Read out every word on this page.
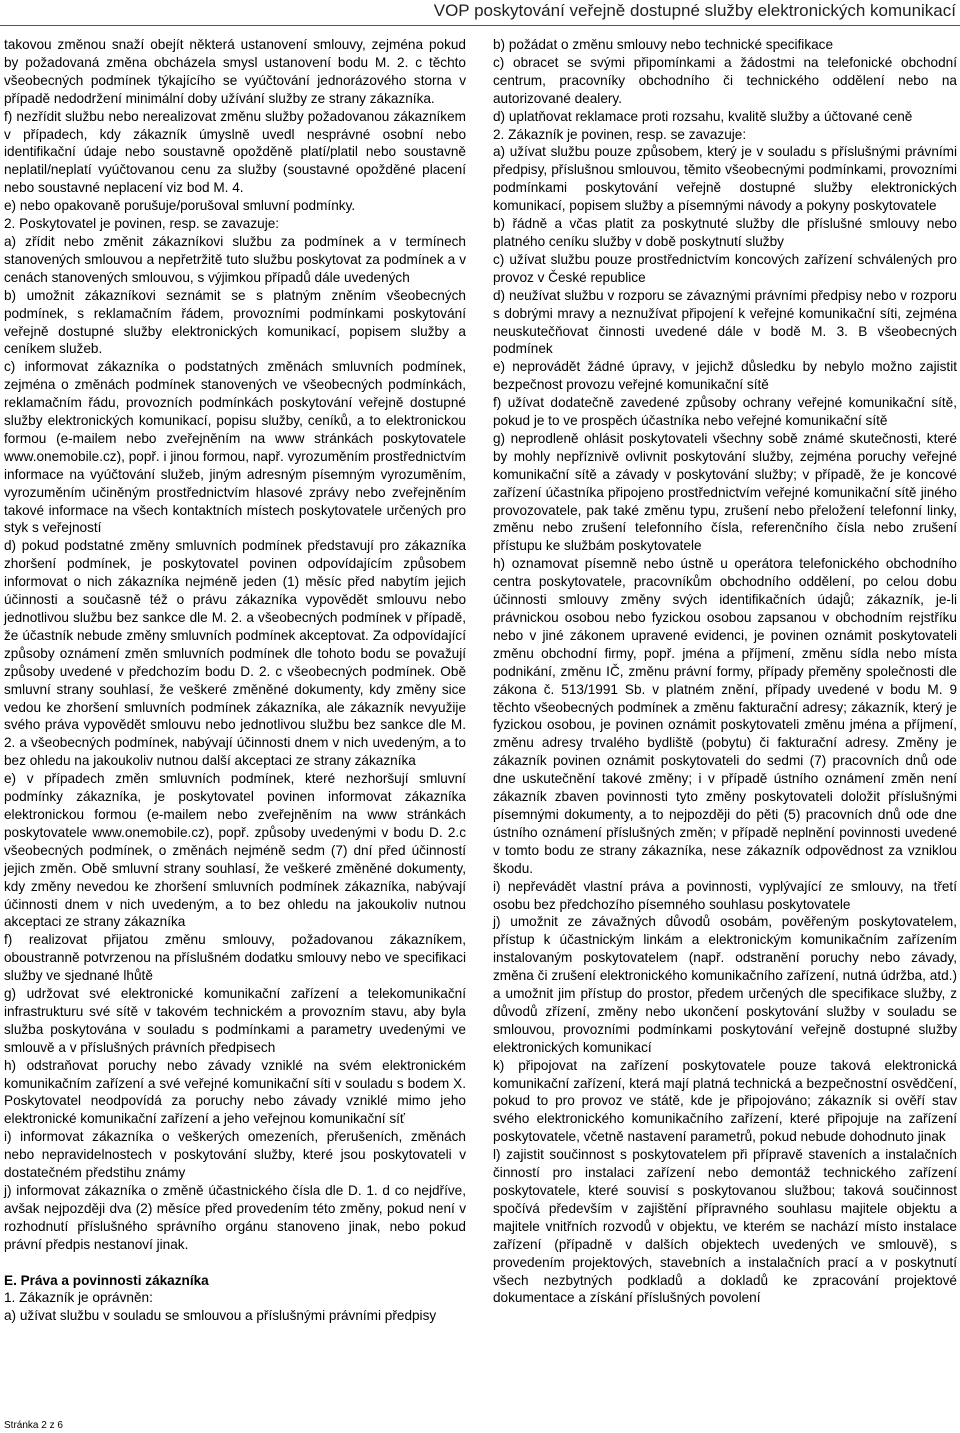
VOP poskytování veřejně dostupné služby elektronických komunikací

takovou změnou snaží obejít některá ustanovení smlouvy, zejména pokud by požadovaná změna obcházela smysl ustanovení bodu M. 2. c těchto všeobecných podmínek týkajícího se vyúčtování jednorázového storna v případě nedodržení minimální doby užívání služby ze strany zákazníka.

f) nezřídit službu nebo nerealizovat změnu služby požadovanou zákazníkem v případech, kdy zákazník úmyslně uvedl nesprávné osobní nebo identifikační údaje nebo soustavně opožděně platí/platil nebo soustavně neplatil/neplatí vyúčtovanou cenu za služby (soustavné opožděné placení nebo soustavné neplacení viz bod M. 4.

e) nebo opakovaně porušuje/porušoval smluvní podmínky.

2. Poskytovatel je povinen, resp. se zavazuje:

a) zřídit nebo změnit zákazníkovi službu za podmínek a v termínech stanovených smlouvou a nepřetržitě tuto službu poskytovat za podmínek a v cenách stanovených smlouvou, s výjimkou případů dále uvedených

b) umožnit zákazníkovi seznámit se s platným zněním všeobecných podmínek, s reklamačním řádem, provozními podmínkami poskytování veřejně dostupné služby elektronických komunikací, popisem služby a ceníkem služeb.

c) informovat zákazníka o podstatných změnách smluvních podmínek, zejména o změnách podmínek stanovených ve všeobecných podmínkách, reklamačním řádu, provozních podmínkách poskytování veřejně dostupné služby elektronických komunikací, popisu služby, ceníků, a to elektronickou formou (e-mailem nebo zveřejněním na www stránkách poskytovatele www.onemobile.cz), popř. i jinou formou, např. vyrozuměním prostřednictvím informace na vyúčtování služeb, jiným adresným písemným vyrozuměním, vyrozuměním učiněným prostřednictvím hlasové zprávy nebo zveřejněním takové informace na všech kontaktních místech poskytovatele určených pro styk s veřejností

d) pokud podstatné změny smluvních podmínek představují pro zákazníka zhoršení podmínek, je poskytovatel povinen odpovídajícím způsobem informovat o nich zákazníka nejméně jeden (1) měsíc před nabytím jejich účinnosti a současně též o právu zákazníka vypovědět smlouvu nebo jednotlivou službu bez sankce dle M. 2. a všeobecných podmínek v případě, že účastník nebude změny smluvních podmínek akceptovat. Za odpovídající způsoby oznámení změn smluvních podmínek dle tohoto bodu se považují způsoby uvedené v předchozím bodu D. 2. c všeobecných podmínek. Obě smluvní strany souhlasí, že veškeré změněné dokumenty, kdy změny sice vedou ke zhoršení smluvních podmínek zákazníka, ale zákazník nevyužije svého práva vypovědět smlouvu nebo jednotlivou službu bez sankce dle M. 2. a všeobecných podmínek, nabývají účinnosti dnem v nich uvedeným, a to bez ohledu na jakoukoliv nutnou další akceptaci ze strany zákazníka

e) v případech změn smluvních podmínek, které nezhoršují smluvní podmínky zákazníka, je poskytovatel povinen informovat zákazníka elektronickou formou (e-mailem nebo zveřejněním na www stránkách poskytovatele www.onemobile.cz), popř. způsoby uvedenými v bodu D. 2.c všeobecných podmínek, o změnách nejméně sedm (7) dní před účinností jejich změn. Obě smluvní strany souhlasí, že veškeré změněné dokumenty, kdy změny nevedou ke zhoršení smluvních podmínek zákazníka, nabývají účinnosti dnem v nich uvedeným, a to bez ohledu na jakoukoliv nutnou akceptaci ze strany zákazníka

f) realizovat přijatou změnu smlouvy, požadovanou zákazníkem, oboustranně potvrzenou na příslušném dodatku smlouvy nebo ve specifikaci služby ve sjednané lhůtě

g) udržovat své elektronické komunikační zařízení a telekomunikační infrastrukturu své sítě v takovém technickém a provozním stavu, aby byla služba poskytována v souladu s podmínkami a parametry uvedenými ve smlouvě a v příslušných právních předpisech

h) odstraňovat poruchy nebo závady vzniklé na svém elektronickém komunikačním zařízení a své veřejné komunikační síti v souladu s bodem X. Poskytovatel neodpovídá za poruchy nebo závady vzniklé mimo jeho elektronické komunikační zařízení a jeho veřejnou komunikační síť

i) informovat zákazníka o veškerých omezeních, přerušeních, změnách nebo nepravidelnostech v poskytování služby, které jsou poskytovateli v dostatečném předstihu známy

j) informovat zákazníka o změně účastnického čísla dle D. 1. d co nejdříve, avšak nejpozději dva (2) měsíce před provedením této změny, pokud není v rozhodnutí příslušného správního orgánu stanoveno jinak, nebo pokud právní předpis nestanoví jinak.

E. Práva a povinnosti zákazníka

1. Zákazník je oprávněn:

a) užívat službu v souladu se smlouvou a příslušnými právními předpisy

b) požádat o změnu smlouvy nebo technické specifikace

c) obracet se svými připomínkami a žádostmi na telefonické obchodní centrum, pracovníky obchodního či technického oddělení nebo na autorizované dealery.

d) uplatňovat reklamace proti rozsahu, kvalitě služby a účtované ceně

2. Zákazník je povinen, resp. se zavazuje:

a) užívat službu pouze způsobem, který je v souladu s příslušnými právními předpisy, příslušnou smlouvou, těmito všeobecnými podmínkami, provozními podmínkami poskytování veřejně dostupné služby elektronických komunikací, popisem služby a písemnými návody a pokyny poskytovatele

b) řádně a včas platit za poskytnuté služby dle příslušné smlouvy nebo platného ceníku služby v době poskytnutí služby

c) užívat službu pouze prostřednictvím koncových zařízení schválených pro provoz v České republice

d) neužívat službu v rozporu se závaznými právními předpisy nebo v rozporu s dobrými mravy a neznužívat připojení k veřejné komunikační síti, zejména neuskutečňovat činnosti uvedené dále v bodě M. 3. B všeobecných podmínek

e) neprovádět žádné úpravy, v jejichž důsledku by nebylo možno zajistit bezpečnost provozu veřejné komunikační sítě

f) užívat dodatečně zavedené způsoby ochrany veřejné komunikační sítě, pokud je to ve prospěch účastníka nebo veřejné komunikační sítě

g) neprodleně ohlásit poskytovateli všechny sobě známé skutečnosti, které by mohly nepříznivě ovlivnit poskytování služby, zejména poruchy veřejné komunikační sítě a závady v poskytování služby; v případě, že je koncové zařízení účastníka připojeno prostřednictvím veřejné komunikační sítě jiného provozovatele, pak také změnu typu, zrušení nebo přeložení telefonní linky, změnu nebo zrušení telefonního čísla, referenčního čísla nebo zrušení přístupu ke službám poskytovatele

h) oznamovat písemně nebo ústně u operátora telefonického obchodního centra poskytovatele, pracovníkům obchodního oddělení, po celou dobu účinnosti smlouvy změny svých identifikačních údajů; zákazník, je-li právnickou osobou nebo fyzickou osobou zapsanou v obchodním rejstříku nebo v jiné zákonem upravené evidenci, je povinen oznámit poskytovateli změnu obchodní firmy, popř. jména a příjmení, změnu sídla nebo místa podnikání, změnu IČ, změnu právní formy, případy přeměny společnosti dle zákona č. 513/1991 Sb. v platném znění, případy uvedené v bodu M. 9 těchto všeobecných podmínek a změnu fakturační adresy; zákazník, který je fyzickou osobou, je povinen oznámit poskytovateli změnu jména a příjmení, změnu adresy trvalého bydliště (pobytu) či fakturační adresy. Změny je zákazník povinen oznámit poskytovateli do sedmi (7) pracovních dnů ode dne uskutečnění takové změny; i v případě ústního oznámení změn není zákazník zbaven povinnosti tyto změny poskytovateli doložit příslušnými písemnými dokumenty, a to nejpozději do pěti (5) pracovních dnů ode dne ústního oznámení příslušných změn; v případě neplnění povinnosti uvedené v tomto bodu ze strany zákazníka, nese zákazník odpovědnost za vzniklou škodu.

i) nepřevádět vlastní práva a povinnosti, vyplývající ze smlouvy, na třetí osobu bez předchozího písemného souhlasu poskytovatele

j) umožnit ze závažných důvodů osobám, pověřeným poskytovatelem, přístup k účastnickým linkám a elektronickým komunikačním zařízením instalovaným poskytovatelem (např. odstranění poruchy nebo závady, změna či zrušení elektronického komunikačního zařízení, nutná údržba, atd.) a umožnit jim přístup do prostor, předem určených dle specifikace služby, z důvodů zřízení, změny nebo ukončení poskytování služby v souladu se smlouvou, provozními podmínkami poskytování veřejně dostupné služby elektronických komunikací

k) připojovat na zařízení poskytovatele pouze taková elektronická komunikační zařízení, která mají platná technická a bezpečnostní osvědčení, pokud to pro provoz ve státě, kde je připojováno; zákazník si ověří stav svého elektronického komunikačního zařízení, které připojuje na zařízení poskytovatele, včetně nastavení parametrů, pokud nebude dohodnuto jinak

l) zajistit součinnost s poskytovatelem při přípravě staveních a instalačních činností pro instalaci zařízení nebo demontáž technického zařízení poskytovatele, které souvisí s poskytovanou službou; taková součinnost spočívá především v zajištění přípravného souhlasu majitele objektu a majitele vnitřních rozvodů v objektu, ve kterém se nachází místo instalace zařízení (případně v dalších objektech uvedených ve smlouvě), s provedením projektových, stavebních a instalačních prací a v poskytnutí všech nezbytných podkladů a dokladů ke zpracování projektové dokumentace a získání příslušných povolení

Stránka 2 z 6
